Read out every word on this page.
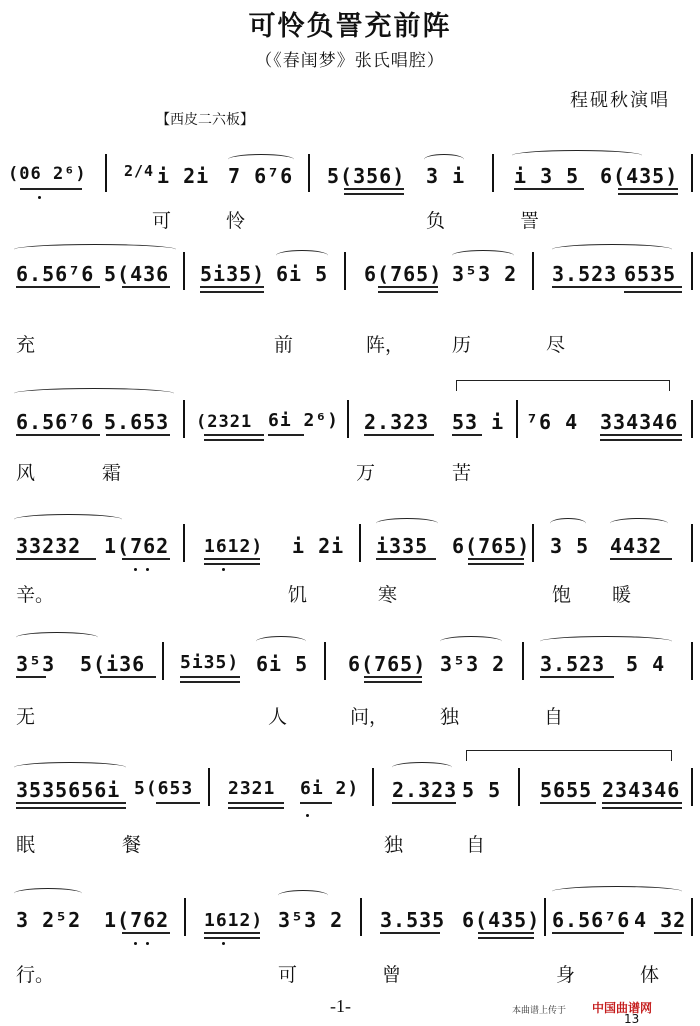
可怜负詈充前阵
（《春闺梦》张氏唱腔）
程砚秋演唱
【西皮二六板】
(06 2⁶) 2/4 i 2i 7 6⁷6 5(356) 3 i i 3 5 6(435)
可	怜	负	詈
6.56⁷6 5(436 5i35) 6i 5 6(765) 3⁵3 2 3.523 6535
充	前	阵，	历	尽
6.56⁷6 5.653 (2321 6i 2⁶) 2.323 53 i ⁷6 4 334346
风	霜	万	苦
33232 1(762 1612) i 2i i335 6(765) 3 5 4432
辛。	饥	寒	饱 暖
3⁵3 5(i36 5i35) 6i 5 6(765) 3⁵3 2 3.523 5 4
无	人	问，	独	自
3535656i 5(653 2321 6i 2) 2.323 5 5 5655 234346
眠	餐	独	自
3 2⁵2 1(762 1612) 3⁵3 2 3.535 6(435) 6.56⁷6 4 32
行。	可	曾	身	体
-1-	本曲谱上传于 中国曲谱网
13
